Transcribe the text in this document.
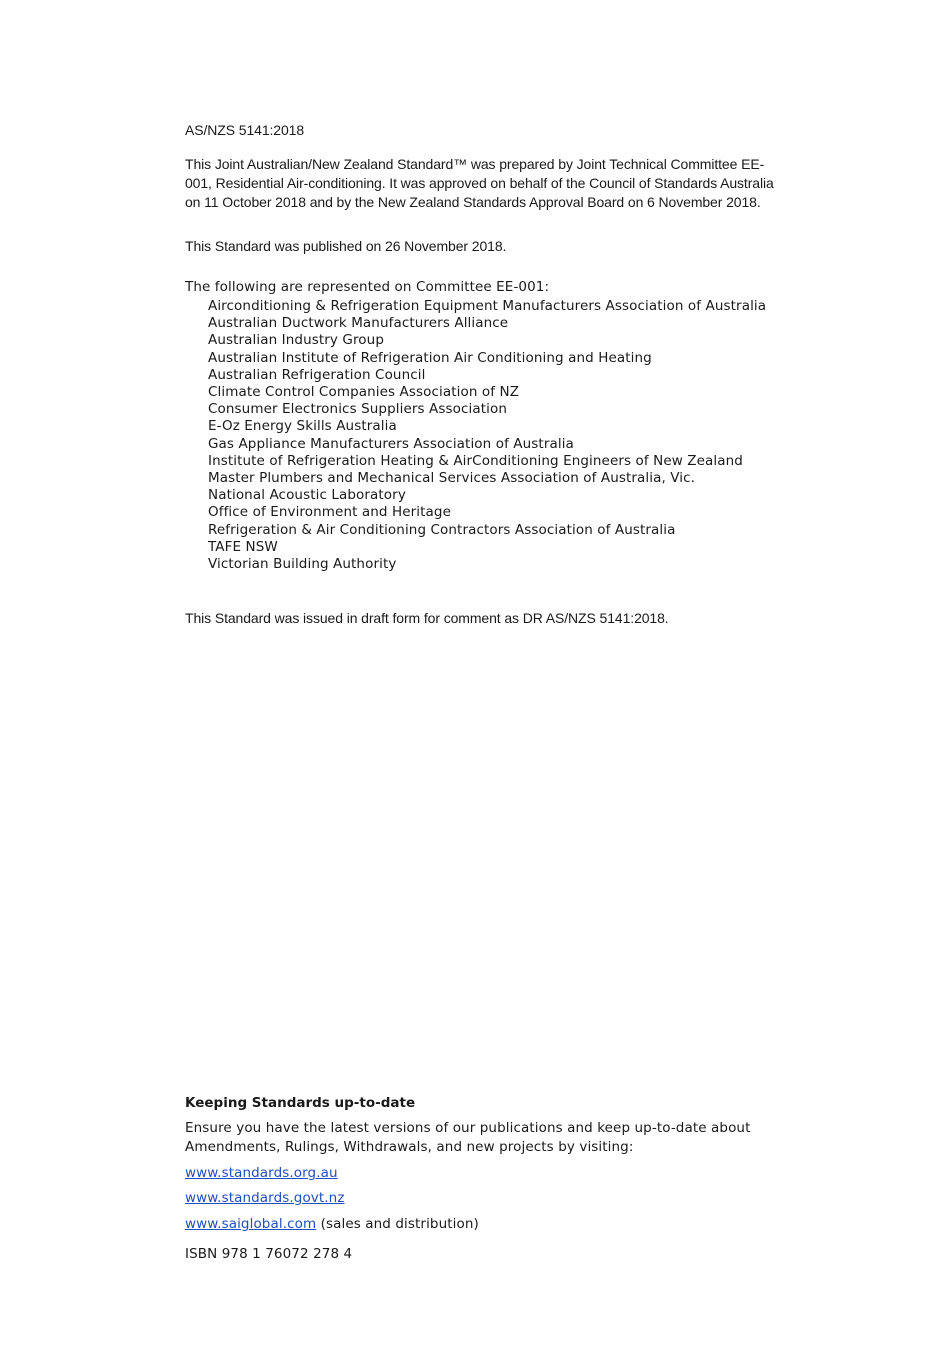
AS/NZS 5141:2018

This Joint Australian/New Zealand Standard™ was prepared by Joint Technical Committee EE-001, Residential Air-conditioning. It was approved on behalf of the Council of Standards Australia on 11 October 2018 and by the New Zealand Standards Approval Board on 6 November 2018.

This Standard was published on 26 November 2018.

The following are represented on Committee EE-001:

Airconditioning & Refrigeration Equipment Manufacturers Association of Australia
Australian Ductwork Manufacturers Alliance
Australian Industry Group
Australian Institute of Refrigeration Air Conditioning and Heating
Australian Refrigeration Council
Climate Control Companies Association of NZ
Consumer Electronics Suppliers Association
E-Oz Energy Skills Australia
Gas Appliance Manufacturers Association of Australia
Institute of Refrigeration Heating & AirConditioning Engineers of New Zealand
Master Plumbers and Mechanical Services Association of Australia, Vic.
National Acoustic Laboratory
Office of Environment and Heritage
Refrigeration & Air Conditioning Contractors Association of Australia
TAFE NSW
Victorian Building Authority

This Standard was issued in draft form for comment as DR AS/NZS 5141:2018.

Keeping Standards up-to-date

Ensure you have the latest versions of our publications and keep up-to-date about Amendments, Rulings, Withdrawals, and new projects by visiting:

www.standards.org.au

www.standards.govt.nz

www.saiglobal.com (sales and distribution)

ISBN 978 1 76072 278 4
